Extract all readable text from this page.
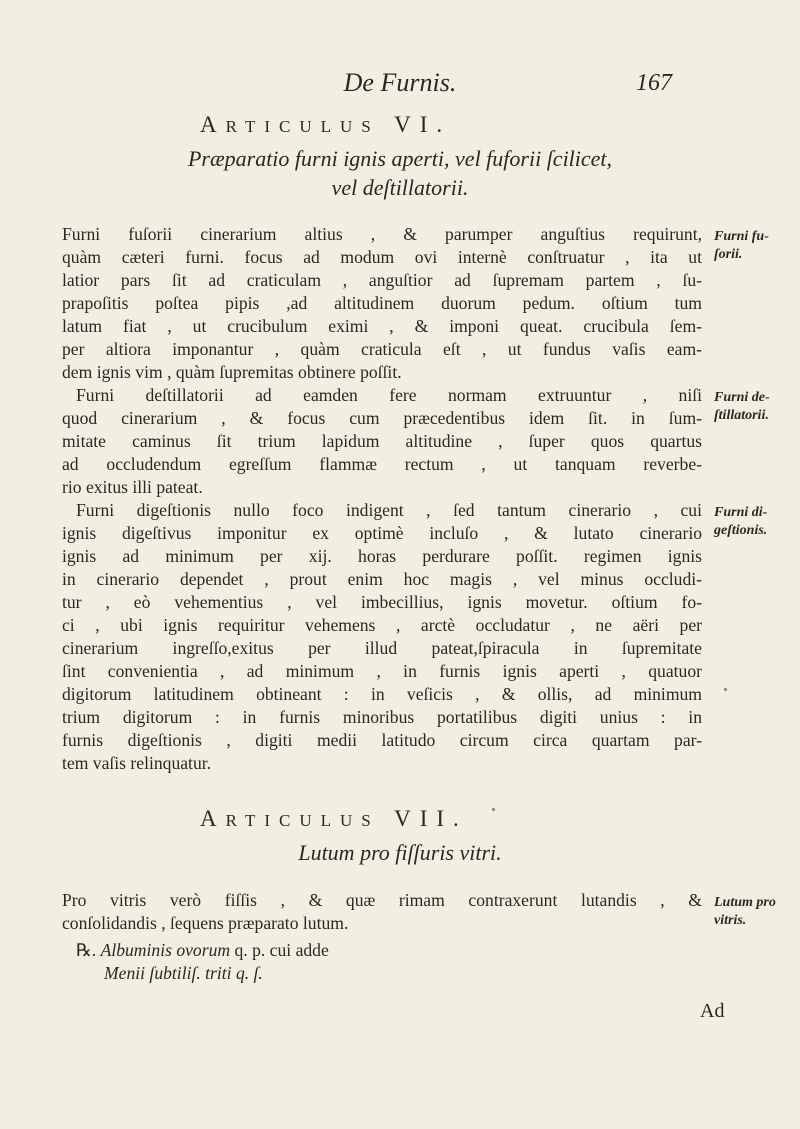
De Furnis.	167
ARTICULUS VI.
Præparatio furni ignis aperti, vel fuforii ſcilicet,
vel deſtillatorii.
Furni fuſorii cinerarium altius , & parumper anguſtius requirunt,
quàm cæteri furni. focus ad modum ovi internè conſtruatur , ita ut
latior pars ſit ad craticulam , anguſtior ad ſupremam partem , ſu-
prapoſitis poſtea pipis ,ad altitudinem duorum pedum. oſtium tum
latum fiat , ut crucibulum eximi , & imponi queat. crucibula ſem-
per altiora imponantur , quàm craticula eſt , ut fundus vaſis eam-
dem ignis vim , quàm ſupremitas obtinere poſſit.
Furni deſtillatorii ad eamden fere normam extruuntur , niſi
quod cinerarium , & focus cum præcedentibus idem ſit. in ſum-
mitate caminus ſit trium lapidum altitudine , ſuper quos quartus
ad occludendum egreſſum flammæ rectum , ut tanquam reverbe-
rio exitus illi pateat.
Furni digeſtionis nullo foco indigent , ſed tantum cinerario , cui
ignis digeſtivus imponitur ex optimè incluſo , & lutato cinerario
ignis ad minimum per xij. horas perdurare poſſit. regimen ignis
in cinerario dependet , prout enim hoc magis , vel minus occludi-
tur , eò vehementius , vel imbecillius, ignis movetur. oſtium fo-
ci , ubi ignis requiritur vehemens , arctè occludatur , ne aëri per
cinerarium ingreſſo,exitus per illud pateat,ſpiracula in ſupremitate
ſint convenientia , ad minimum , in furnis ignis aperti , quatuor
digitorum latitudinem obtineant : in veſicis , & ollis, ad minimum
trium digitorum : in furnis minoribus portatilibus digiti unius : in
furnis digeſtionis , digiti medii latitudo circum circa quartam par-
tem vaſis relinquatur.
Furni fu-
ſorii.
Furni de-
ſtillatorii.
Furni di-
geſtionis.
ARTICULUS VII.
Lutum pro fiſſuris vitri.
Pro vitris verò fiſſis , & quæ rimam contraxerunt lutandis , &
conſolidandis , ſequens præparato lutum.
Lutum pro
vitris.
℞. Albuminis ovorum q. p. cui adde
Menii ſubtiliſ. triti q. ſ.
Ad
